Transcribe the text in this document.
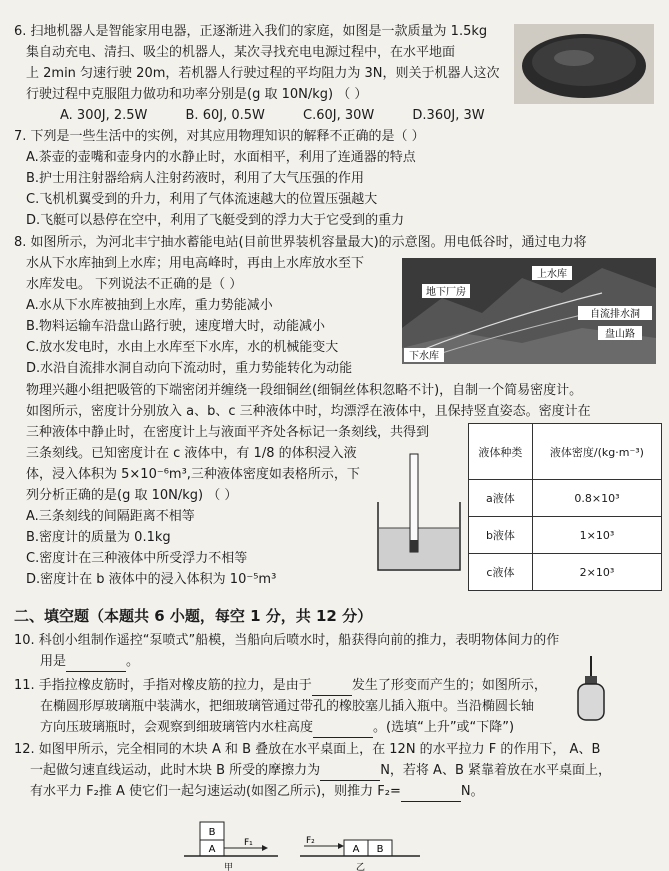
6. 扫地机器人是智能家用电器，正逐渐进入我们的家庭，如图是一款质量为 1.5kg
集自动充电、清扫、吸尘的机器人，某次寻找充电电源过程中，在水平地面
上 2min 匀速行驶 20m，若机器人行驶过程的平均阻力为 3N，则关于机器人这次
行驶过程中克服阻力做功和功率分别是(g 取 10N/kg) （ ）
A. 300J, 2.5W	B. 60J, 0.5W	C.60J, 30W	D.360J, 3W
7. 下列是一些生活中的实例，对其应用物理知识的解释不正确的是（ ）
A.茶壶的壶嘴和壶身内的水静止时，水面相平，利用了连通器的特点
B.护士用注射器给病人注射药液时，利用了大气压强的作用
C.飞机机翼受到的升力，利用了气体流速越大的位置压强越大
D.飞艇可以悬停在空中，利用了飞艇受到的浮力大于它受到的重力
8. 如图所示，为河北丰宁抽水蓄能电站(目前世界装机容量最大)的示意图。用电低谷时，通过电力将
水从下水库抽到上水库；用电高峰时，再由上水库放水至下
水库发电。 下列说法不正确的是（ ）
A.水从下水库被抽到上水库，重力势能减小
B.物料运输车沿盘山路行驶，速度增大时，动能减小
C.放水发电时，水由上水库至下水库，水的机械能变大
D.水沿自流排水洞自动向下流动时，重力势能转化为动能
上水库
地下厂房
自流排水洞
盘山路
下水库
物理兴趣小组把吸管的下端密闭并缠绕一段细铜丝(细铜丝体积忽略不计)，自制一个简易密度计。
如图所示，密度计分别放入 a、b、c 三种液体中时，均漂浮在液体中，且保持竖直姿态。密度计在
三种液体中静止时，在密度计上与液面平齐处各标记一条刻线，共得到
三条刻线。已知密度计在 c 液体中，有 1/8 的体积浸入液
体，浸入体积为 5×10⁻⁶m³,三种液体密度如表格所示，下
列分析正确的是(g 取 10N/kg) （ ）
A.三条刻线的间隔距离不相等
B.密度计的质量为 0.1kg
C.密度计在三种液体中所受浮力不相等
D.密度计在 b 液体中的浸入体积为 10⁻⁵m³
液体种类	液体密度/(kg·m⁻³)
a液体	0.8×10³
b液体	1×10³
c液体	2×10³
二、填空题（本题共 6 小题，每空 1 分，共 12 分）
10. 科创小组制作遥控“泵喷式”船模，当船向后喷水时，船获得向前的推力，表明物体间力的作
用是	。
11. 手指拉橡皮筋时，手指对橡皮筋的拉力，是由于	发生了形变而产生的；如图所示，
在椭圆形厚玻璃瓶中装满水，把细玻璃管通过带孔的橡胶塞儿插入瓶中。当沿椭圆长轴
方向压玻璃瓶时，会观察到细玻璃管内水柱高度	。(选填“上升”或“下降”)
12. 如图甲所示，完全相同的木块 A 和 B 叠放在水平桌面上，在 12N 的水平拉力 F 的作用下， A、B
一起做匀速直线运动，此时木块 B 所受的摩擦力为	N，若将 A、B 紧靠着放在水平桌面上，
有水平力 F₂推 A 使它们一起匀速运动(如图乙所示)，则推力 F₂=	N。
B
A
F₁
甲
F₂
A B
乙
